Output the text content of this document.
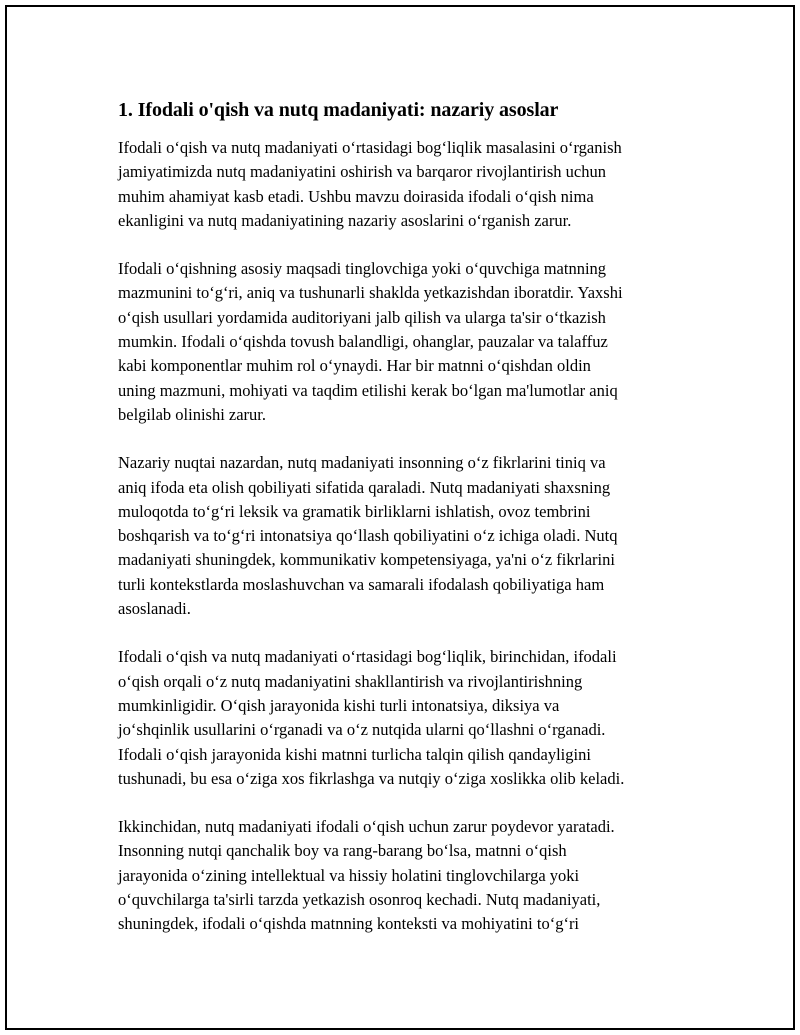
1. Ifodali o'qish va nutq madaniyati: nazariy asoslar

Ifodali oʻqish va nutq madaniyati oʻrtasidagi bogʻliqlik masalasini oʻrganish
jamiyatimizda nutq madaniyatini oshirish va barqaror rivojlantirish uchun
muhim ahamiyat kasb etadi. Ushbu mavzu doirasida ifodali oʻqish nima
ekanligini va nutq madaniyatining nazariy asoslarini oʻrganish zarur.

Ifodali oʻqishning asosiy maqsadi tinglovchiga yoki oʻquvchiga matnning
mazmunini toʻgʻri, aniq va tushunarli shaklda yetkazishdan iboratdir. Yaxshi
oʻqish usullari yordamida auditoriyani jalb qilish va ularga ta'sir oʻtkazish
mumkin. Ifodali oʻqishda tovush balandligi, ohanglar, pauzalar va talaffuz
kabi komponentlar muhim rol oʻynaydi. Har bir matnni oʻqishdan oldin
uning mazmuni, mohiyati va taqdim etilishi kerak boʻlgan ma'lumotlar aniq
belgilab olinishi zarur.

Nazariy nuqtai nazardan, nutq madaniyati insonning oʻz fikrlarini tiniq va
aniq ifoda eta olish qobiliyati sifatida qaraladi. Nutq madaniyati shaxsning
muloqotda toʻgʻri leksik va gramatik birliklarni ishlatish, ovoz tembrini
boshqarish va toʻgʻri intonatsiya qoʻllash qobiliyatini oʻz ichiga oladi. Nutq
madaniyati shuningdek, kommunikativ kompetensiyaga, ya'ni oʻz fikrlarini
turli kontekstlarda moslashuvchan va samarali ifodalash qobiliyatiga ham
asoslanadi.

Ifodali oʻqish va nutq madaniyati oʻrtasidagi bogʻliqlik, birinchidan, ifodali
oʻqish orqali oʻz nutq madaniyatini shakllantirish va rivojlantirishning
mumkinligidir. Oʻqish jarayonida kishi turli intonatsiya, diksiya va
joʻshqinlik usullarini oʻrganadi va oʻz nutqida ularni qoʻllashni oʻrganadi.
Ifodali oʻqish jarayonida kishi matnni turlicha talqin qilish qandayligini
tushunadi, bu esa oʻziga xos fikrlashga va nutqiy oʻziga xoslikka olib keladi.

Ikkinchidan, nutq madaniyati ifodali oʻqish uchun zarur poydevor yaratadi.
Insonning nutqi qanchalik boy va rang-barang boʻlsa, matnni oʻqish
jarayonida oʻzining intellektual va hissiy holatini tinglovchilarga yoki
oʻquvchilarga ta'sirli tarzda yetkazish osonroq kechadi. Nutq madaniyati,
shuningdek, ifodali oʻqishda matnning konteksti va mohiyatini toʻgʻri
